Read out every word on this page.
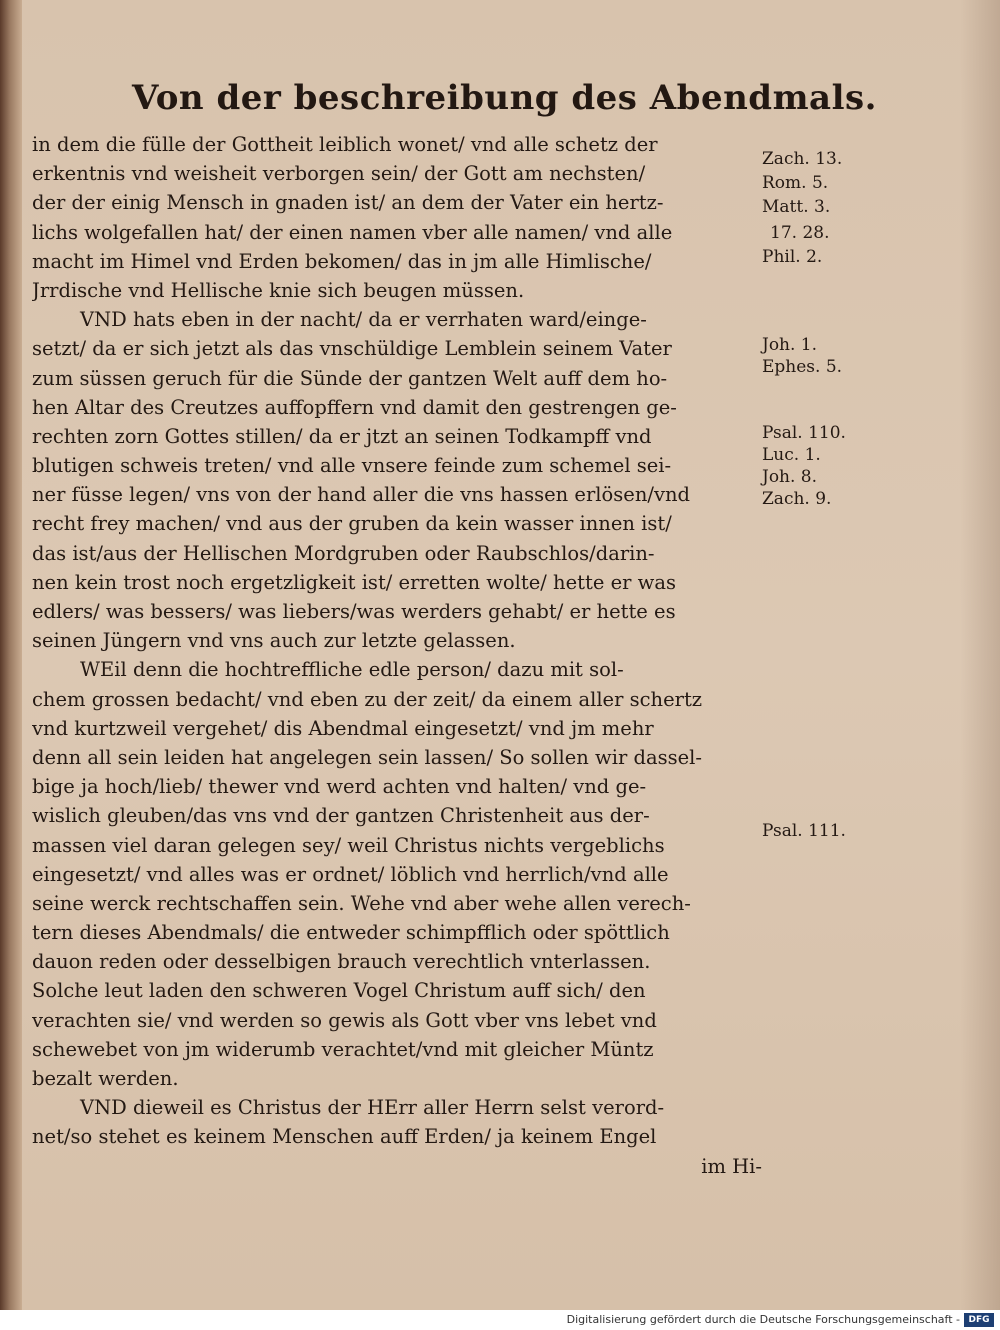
Von der beschreibung des Abendmals.
in dem die fülle der Gottheit leiblich wonet/ vnd alle schetz der
erkentnis vnd weisheit verborgen sein/ der Gott am nechsten/
der der einig Mensch in gnaden ist/ an dem der Vater ein hertz-
lichs wolgefallen hat/ der einen namen vber alle namen/ vnd alle
macht im Himel vnd Erden bekomen/ das in jm alle Himlische/
Jrrdische vnd Hellische knie sich beugen müssen.
VND hats eben in der nacht/ da er verrhaten ward/einge-
setzt/ da er sich jetzt als das vnschüldige Lemblein seinem Vater
zum süssen geruch für die Sünde der gantzen Welt auff dem ho-
hen Altar des Creutzes auffopffern vnd damit den gestrengen ge-
rechten zorn Gottes stillen/ da er jtzt an seinen Todkampff vnd
blutigen schweis treten/ vnd alle vnsere feinde zum schemel sei-
ner füsse legen/ vns von der hand aller die vns hassen erlösen/vnd
recht frey machen/ vnd aus der gruben da kein wasser innen ist/
das ist/aus der Hellischen Mordgruben oder Raubschlos/darin-
nen kein trost noch ergetzligkeit ist/ erretten wolte/ hette er was
edlers/ was bessers/ was liebers/was werders gehabt/ er hette es
seinen Jüngern vnd vns auch zur letzte gelassen.
WEil denn die hochtreffliche edle person/ dazu mit sol-
chem grossen bedacht/ vnd eben zu der zeit/ da einem aller schertz
vnd kurtzweil vergehet/ dis Abendmal eingesetzt/ vnd jm mehr
denn all sein leiden hat angelegen sein lassen/ So sollen wir dassel-
bige ja hoch/lieb/ thewer vnd werd achten vnd halten/ vnd ge-
wislich gleuben/das vns vnd der gantzen Christenheit aus der-
massen viel daran gelegen sey/ weil Christus nichts vergeblichs
eingesetzt/ vnd alles was er ordnet/ löblich vnd herrlich/vnd alle
seine werck rechtschaffen sein. Wehe vnd aber wehe allen verech-
tern dieses Abendmals/ die entweder schimpfflich oder spöttlich
dauon reden oder desselbigen brauch verechtlich vnterlassen.
Solche leut laden den schweren Vogel Christum auff sich/ den
verachten sie/ vnd werden so gewis als Gott vber vns lebet vnd
schewebet von jm widerumb verachtet/vnd mit gleicher Müntz
bezalt werden.
VND dieweil es Christus der HErr aller Herrn selst verord-
net/so stehet es keinem Menschen auff Erden/ ja keinem Engel
im Hi-
Zach. 13.
Rom. 5.
Matt. 3.
17. 28.
Phil. 2.
Joh. 1.
Ephes. 5.
Psal. 110.
Luc. 1.
Joh. 8.
Zach. 9.
Psal. 111.
Digitalisierung gefördert durch die Deutsche Forschungsgemeinschaft - DFG
